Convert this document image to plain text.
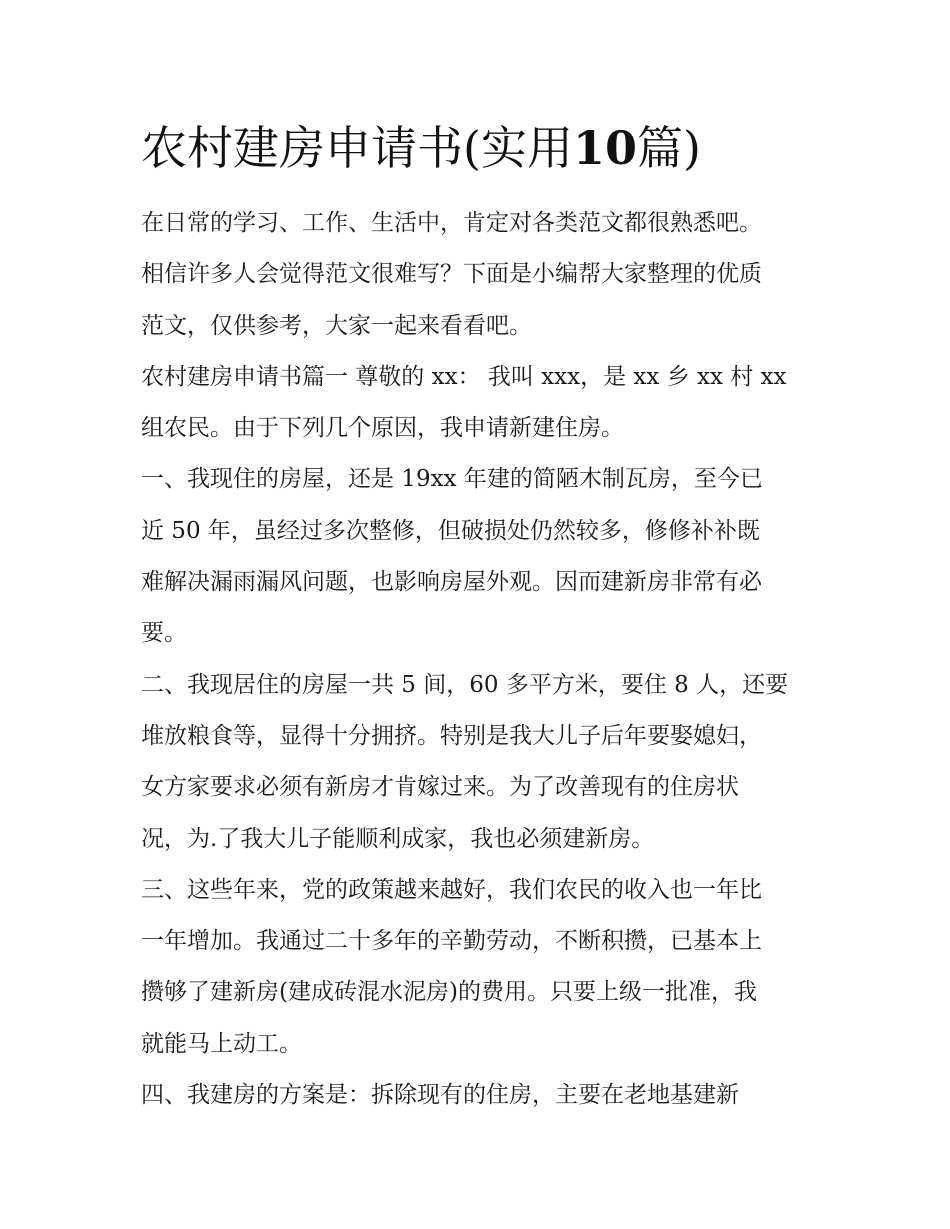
农村建房申请书(实用10篇)
在日常的学习、工作、生活中，肯定对各类范文都很熟悉吧。
相信许多人会觉得范文很难写？下面是小编帮大家整理的优质
范文，仅供参考，大家一起来看看吧。
农村建房申请书篇一 尊敬的 xx： 我叫 xxx，是 xx 乡 xx 村 xx
组农民。由于下列几个原因，我申请新建住房。
一、我现住的房屋，还是 19xx 年建的简陋木制瓦房，至今已
近 50 年，虽经过多次整修，但破损处仍然较多，修修补补既
难解决漏雨漏风问题，也影响房屋外观。因而建新房非常有必
要。
二、我现居住的房屋一共 5 间，60 多平方米，要住 8 人，还要
堆放粮食等，显得十分拥挤。特别是我大儿子后年要娶媳妇，
女方家要求必须有新房才肯嫁过来。为了改善现有的住房状
况，为.了我大儿子能顺利成家，我也必须建新房。
三、这些年来，党的政策越来越好，我们农民的收入也一年比
一年增加。我通过二十多年的辛勤劳动，不断积攒，已基本上
攒够了建新房(建成砖混水泥房)的费用。只要上级一批准，我
就能马上动工。
四、我建房的方案是：拆除现有的住房，主要在老地基建新
